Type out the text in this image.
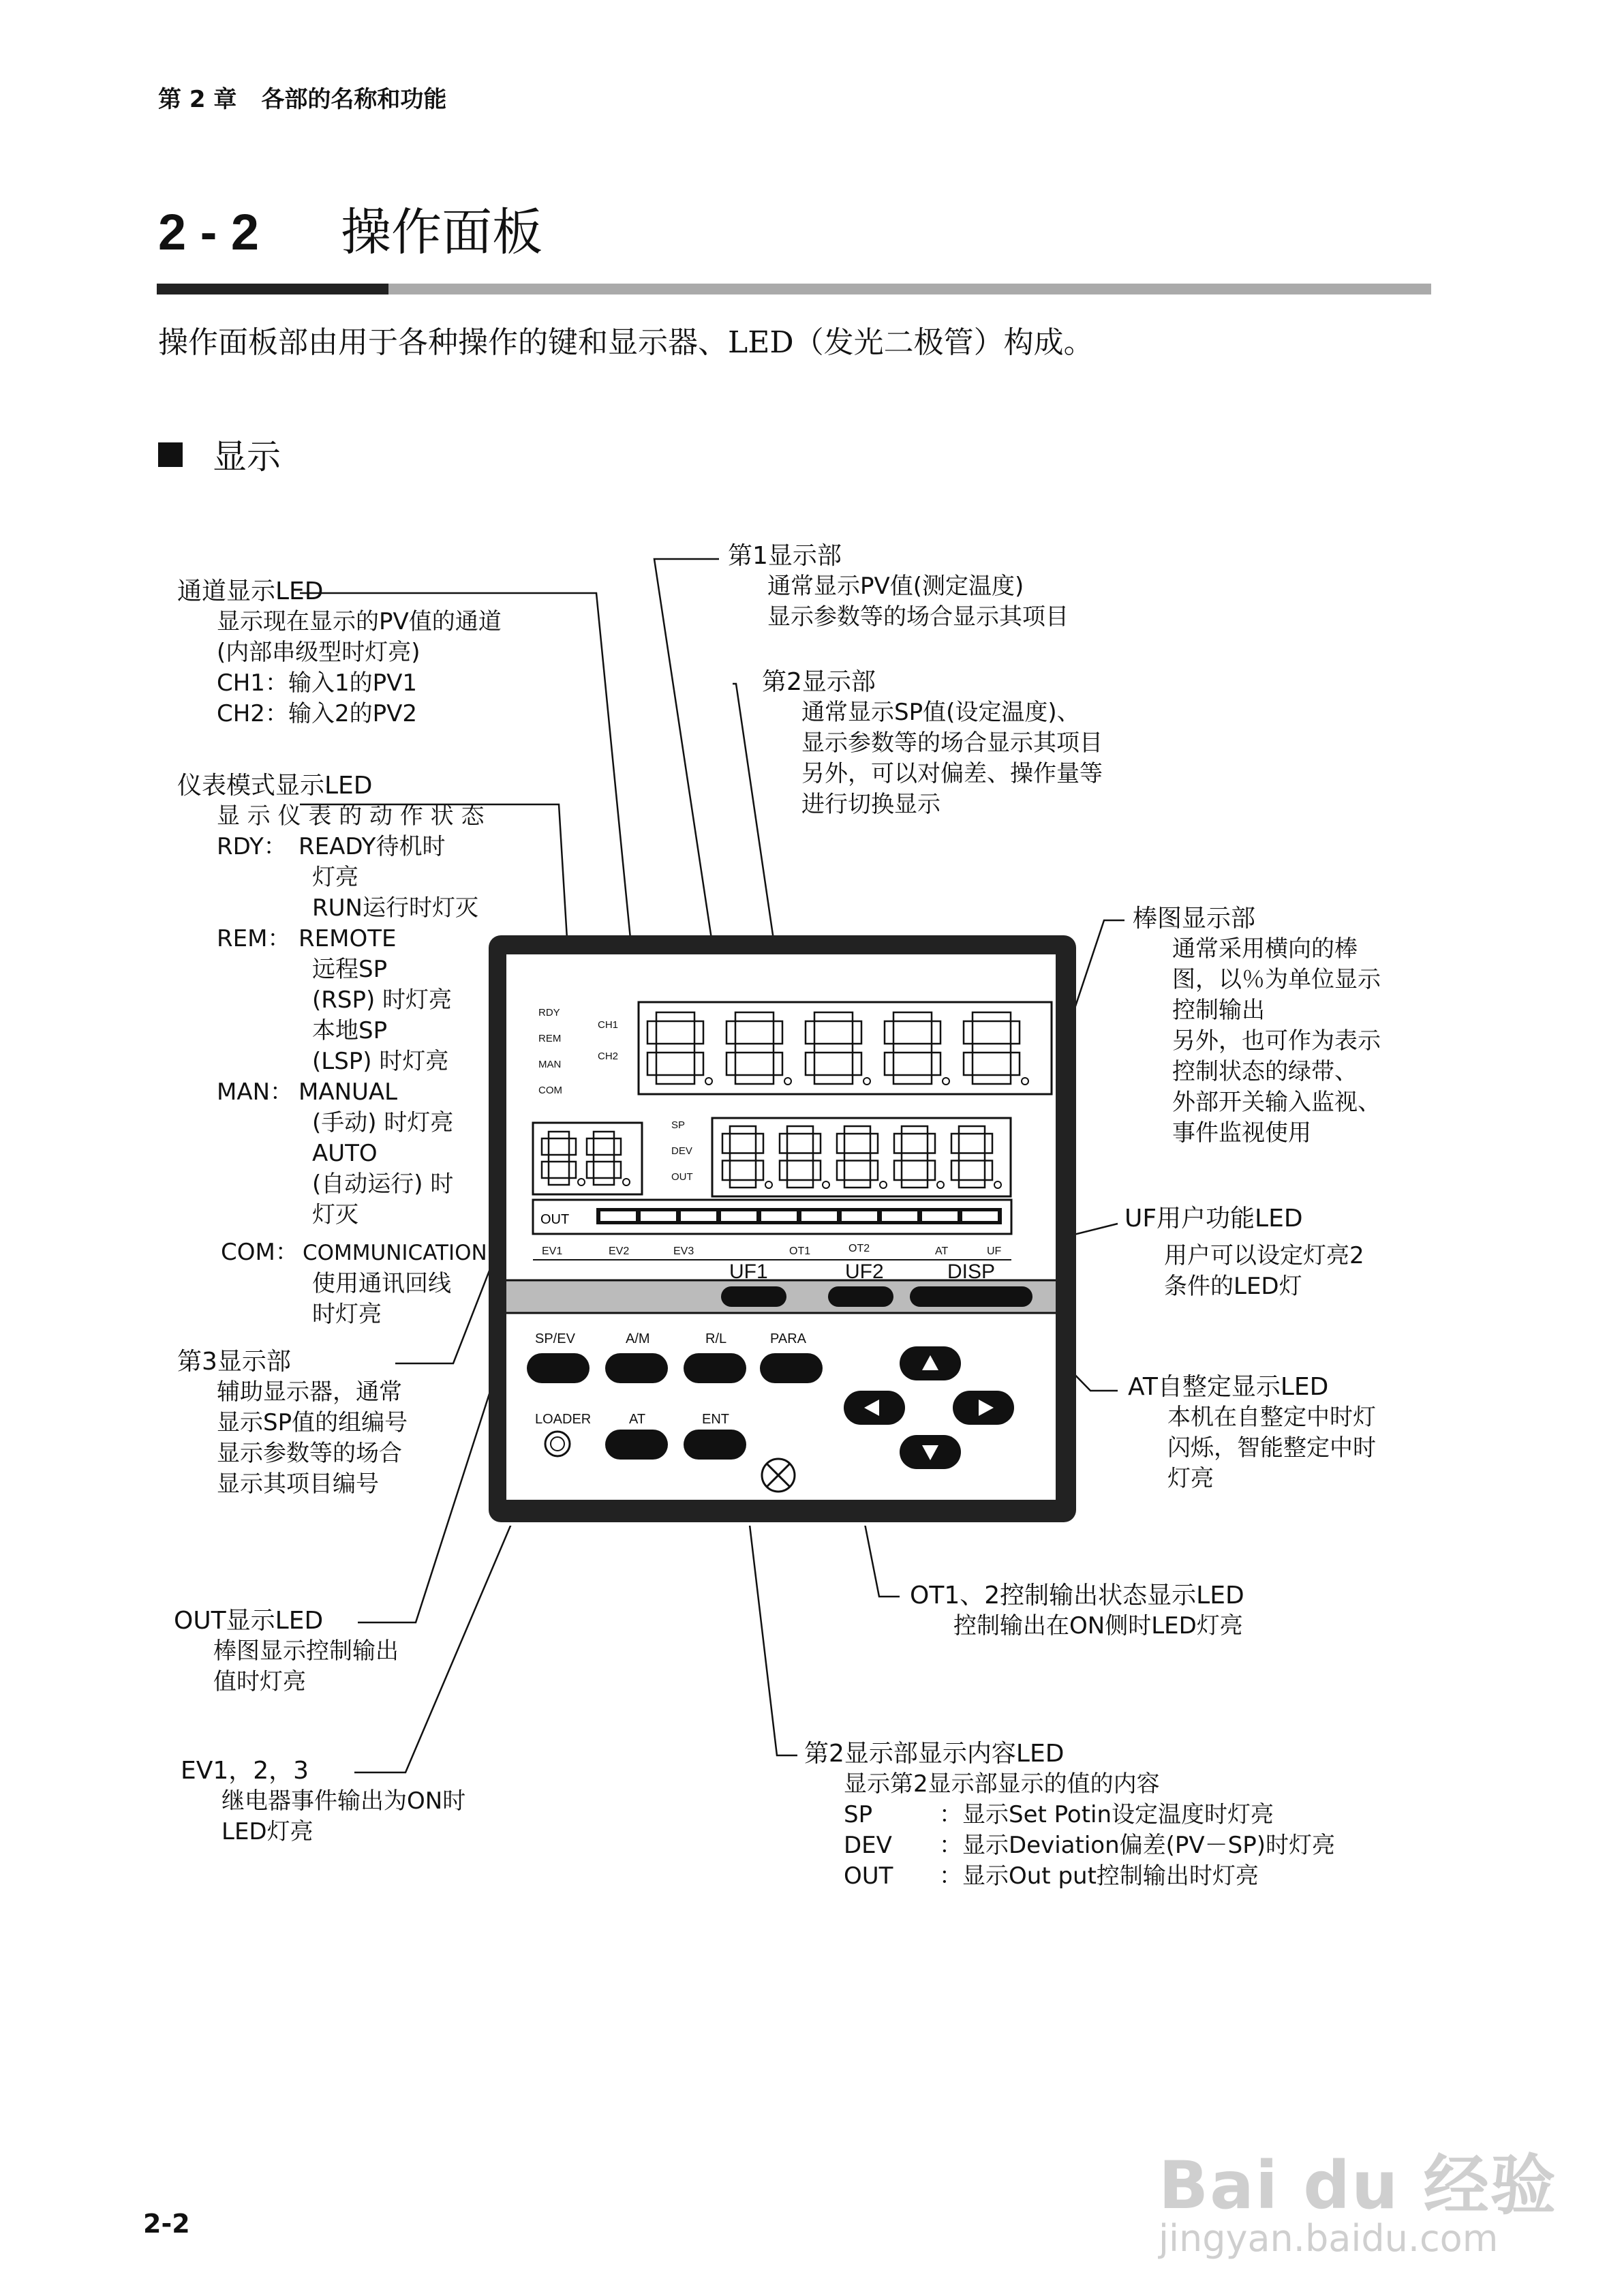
第 2 章 各部的名称和功能
2 - 2 操作面板
操作面板部由用于各种操作的键和显示器、LED（发光二极管）构成。
显示
RDY
REM
MAN
COM
CH1
CH2
SP
DEV
OUT
OUT
EV1	EV2	EV3	OT1	OT2	AT	UF
UF1	UF2	DISP
SP/EV	A/M	R/L	PARA
LOADER	AT	ENT
通道显示LED
显示现在显示的PV值的通道
(内部串级型时灯亮)
CH1：输入1的PV1
CH2：输入2的PV2
仪表模式显示LED
显 示 仪 表 的 动 作 状 态
RDY： READY待机时
灯亮
RUN运行时灯灭
REM： REMOTE
远程SP
(RSP) 时灯亮
本地SP
(LSP) 时灯亮
MAN： MANUAL
(手动) 时灯亮
AUTO
(自动运行) 时
灯灭
COM： COMMUNICATION
使用通讯回线
时灯亮
第3显示部
辅助显示器，通常
显示SP值的组编号
显示参数等的场合
显示其项目编号
OUT显示LED
棒图显示控制输出
值时灯亮
EV1，2，3
继电器事件输出为ON时
LED灯亮
第1显示部
通常显示PV值(测定温度)
显示参数等的场合显示其项目
第2显示部
通常显示SP值(设定温度)、
显示参数等的场合显示其项目
另外，可以对偏差、操作量等
进行切换显示
棒图显示部
通常采用横向的棒
图，以％为单位显示
控制输出
另外，也可作为表示
控制状态的绿带、
外部开关输入监视、
事件监视使用
UF用户功能LED
用户可以设定灯亮2
条件的LED灯
AT自整定显示LED
本机在自整定中时灯
闪烁，智能整定中时
灯亮
OT1、2控制输出状态显示LED
控制输出在ON侧时LED灯亮
第2显示部显示内容LED
显示第2显示部显示的值的内容
SP	：显示Set Potin设定温度时灯亮
DEV ：显示Deviation偏差(PV－SP)时灯亮
OUT ：显示Out put控制输出时灯亮
2-2	Bai du 经验
jingyan.baidu.com
